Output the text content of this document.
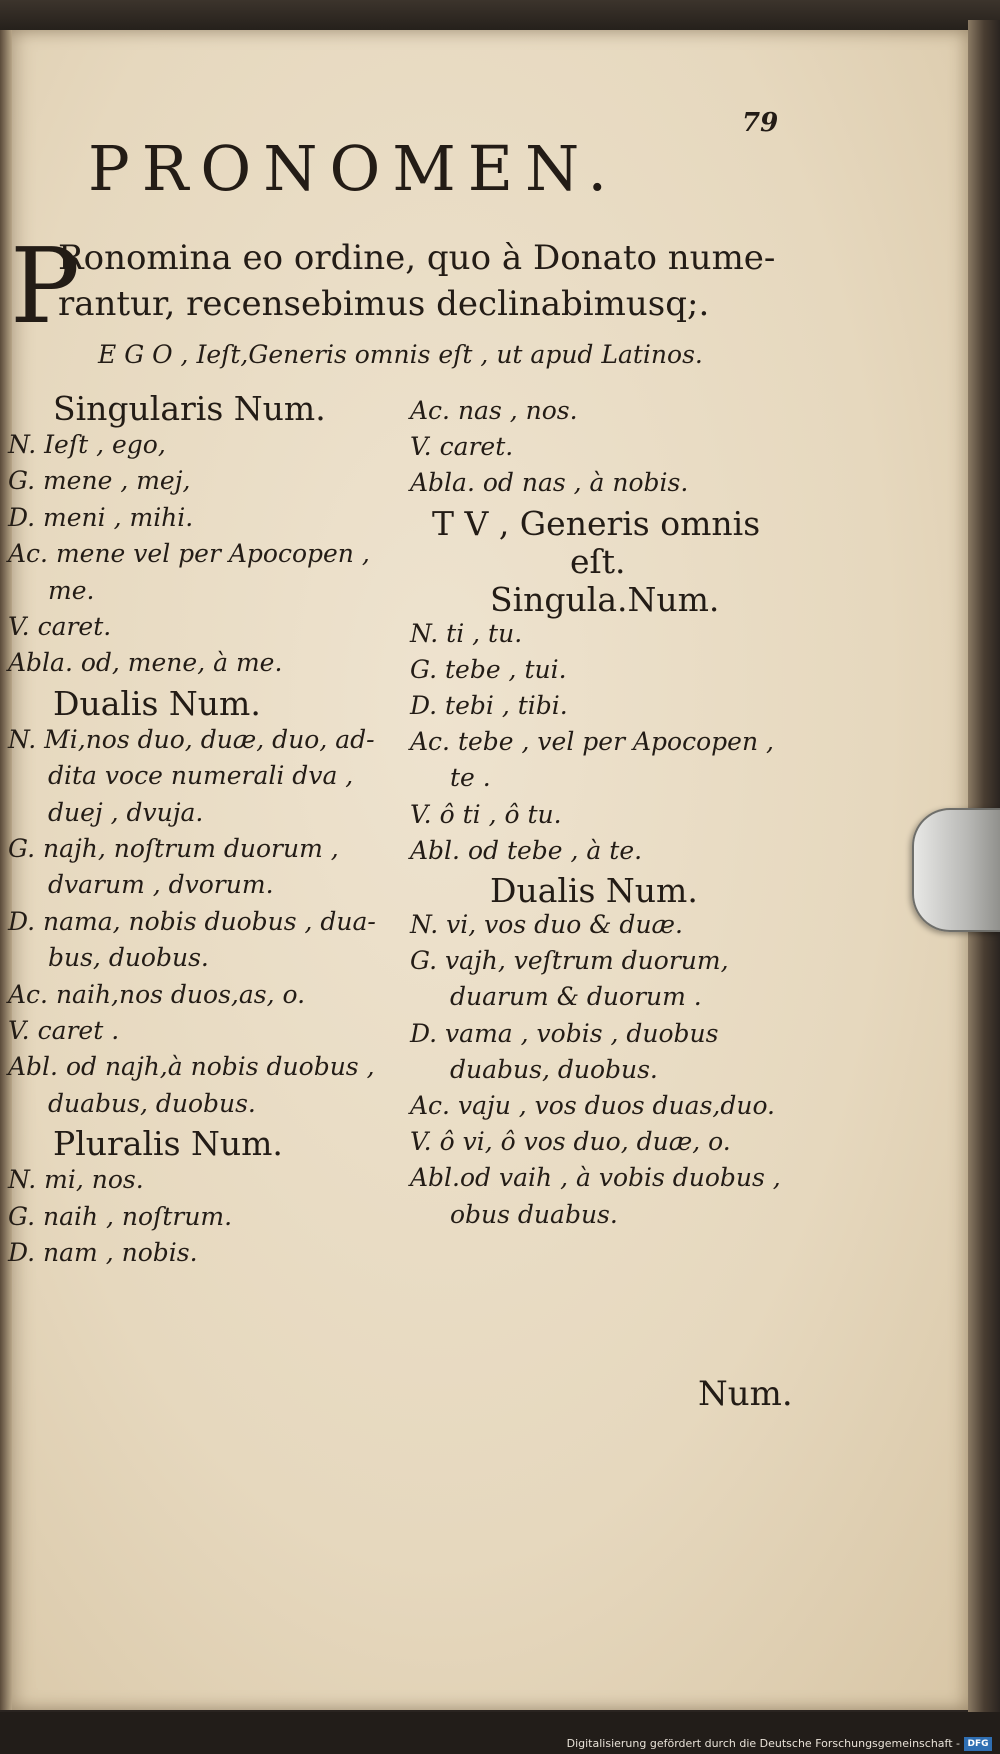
79
PRONOMEN.
P
Ronomina eo ordine, quo à Donato nume-
rantur, recensebimus declinabimusq;.
E G O , Ieſt,Generis omnis eſt , ut apud Latinos.
Singularis Num.
N. Ieſt , ego,
G. mene , mej,
D. meni , mihi.
Ac. mene vel per Apocopen ,
me.
V. caret.
Abla. od, mene, à me.
Dualis Num.
N. Mi,nos duo, duæ, duo, ad-
dita voce numerali dva ,
duej , dvuja.
G. najh, noſtrum duorum ,
dvarum , dvorum.
D. nama, nobis duobus , dua-
bus, duobus.
Ac. naih,nos duos,as, o.
V. caret .
Abl. od najh,à nobis duobus ,
duabus, duobus.
Pluralis Num.
N. mi, nos.
G. naih , noſtrum.
D. nam , nobis.
Ac. nas , nos.
V. caret.
Abla. od nas , à nobis.
T V , Generis omnis
eſt.
Singula.Num.
N. ti , tu.
G. tebe , tui.
D. tebi , tibi.
Ac. tebe , vel per Apocopen ,
te .
V. ô ti , ô tu.
Abl. od tebe , à te.
Dualis Num.
N. vi, vos duo & duæ.
G. vajh, veſtrum duorum,
duarum & duorum .
D. vama , vobis , duobus
duabus, duobus.
Ac. vaju , vos duos duas,duo.
V. ô vi, ô vos duo, duæ, o.
Abl.od vaih , à vobis duobus ,
obus duabus.
Num.
Digitalisierung gefördert durch die Deutsche Forschungsgemeinschaft - DFG
